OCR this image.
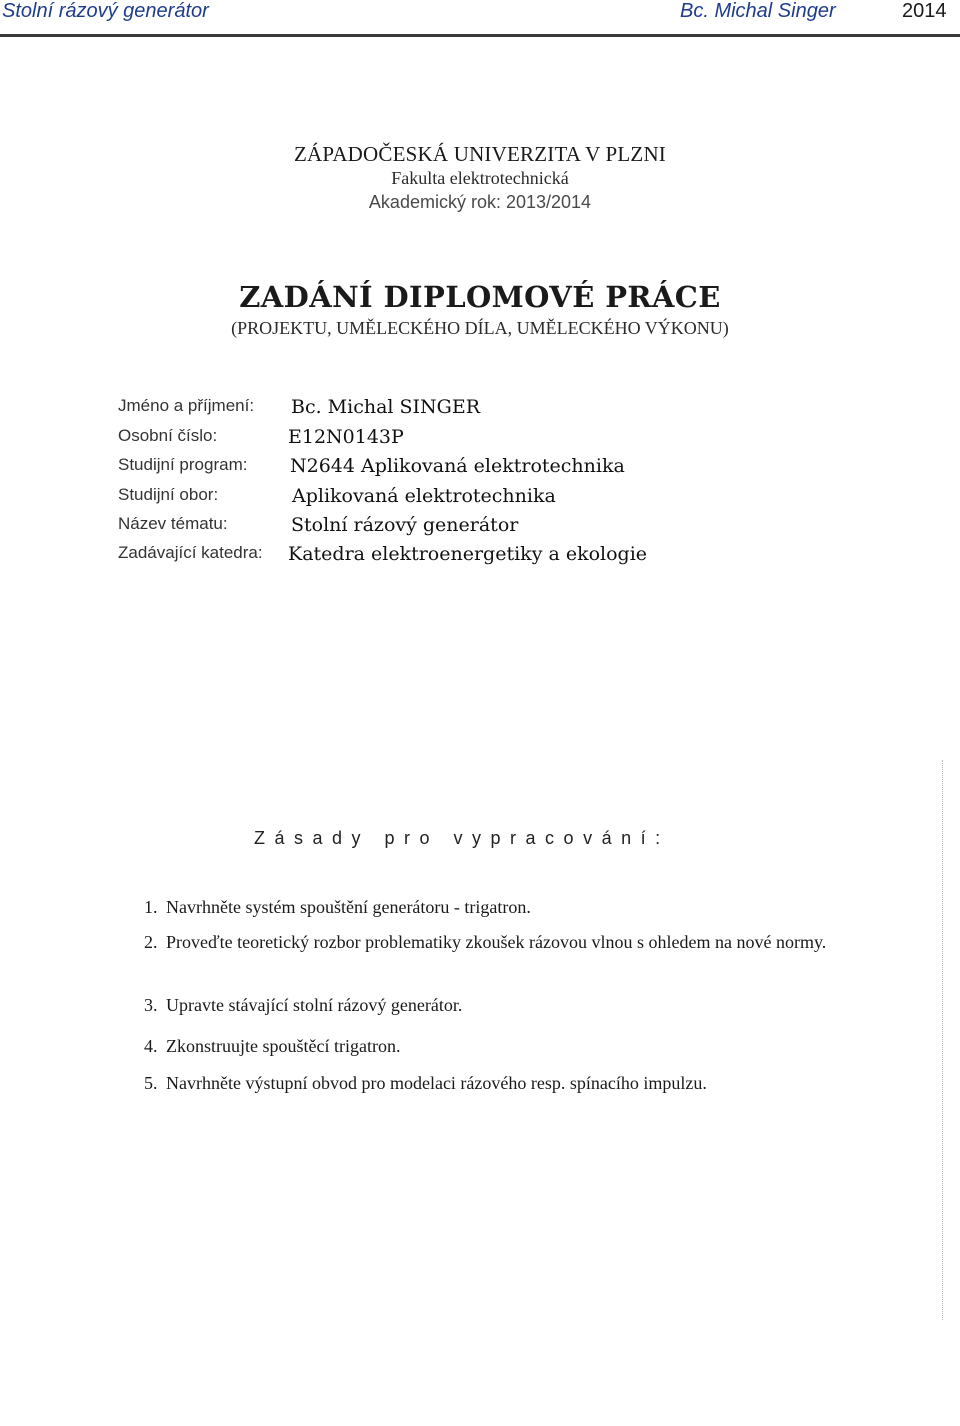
Stolní rázový generátor	Bc. Michal Singer	2014
ZÁPADOČESKÁ UNIVERZITA V PLZNI
Fakulta elektrotechnická
Akademický rok: 2013/2014
ZADÁNÍ DIPLOMOVÉ PRÁCE
(PROJEKTU, UMĚLECKÉHO DÍLA, UMĚLECKÉHO VÝKONU)
Jméno a příjmení: Bc. Michal SINGER
Osobní číslo:	E12N0143P
Studijní program: N2644 Aplikovaná elektrotechnika
Studijní obor:	Aplikovaná elektrotechnika
Název tématu:	Stolní rázový generátor
Zadávající katedra: Katedra elektroenergetiky a ekologie
Zásady pro vypracování:
1. Navrhněte systém spouštění generátoru - trigatron.
2. Proveďte teoretický rozbor problematiky zkoušek rázovou vlnou s ohledem na nové normy.
3. Upravte stávající stolní rázový generátor.
4. Zkonstruujte spouštěcí trigatron.
5. Navrhněte výstupní obvod pro modelaci rázového resp. spínacího impulzu.
